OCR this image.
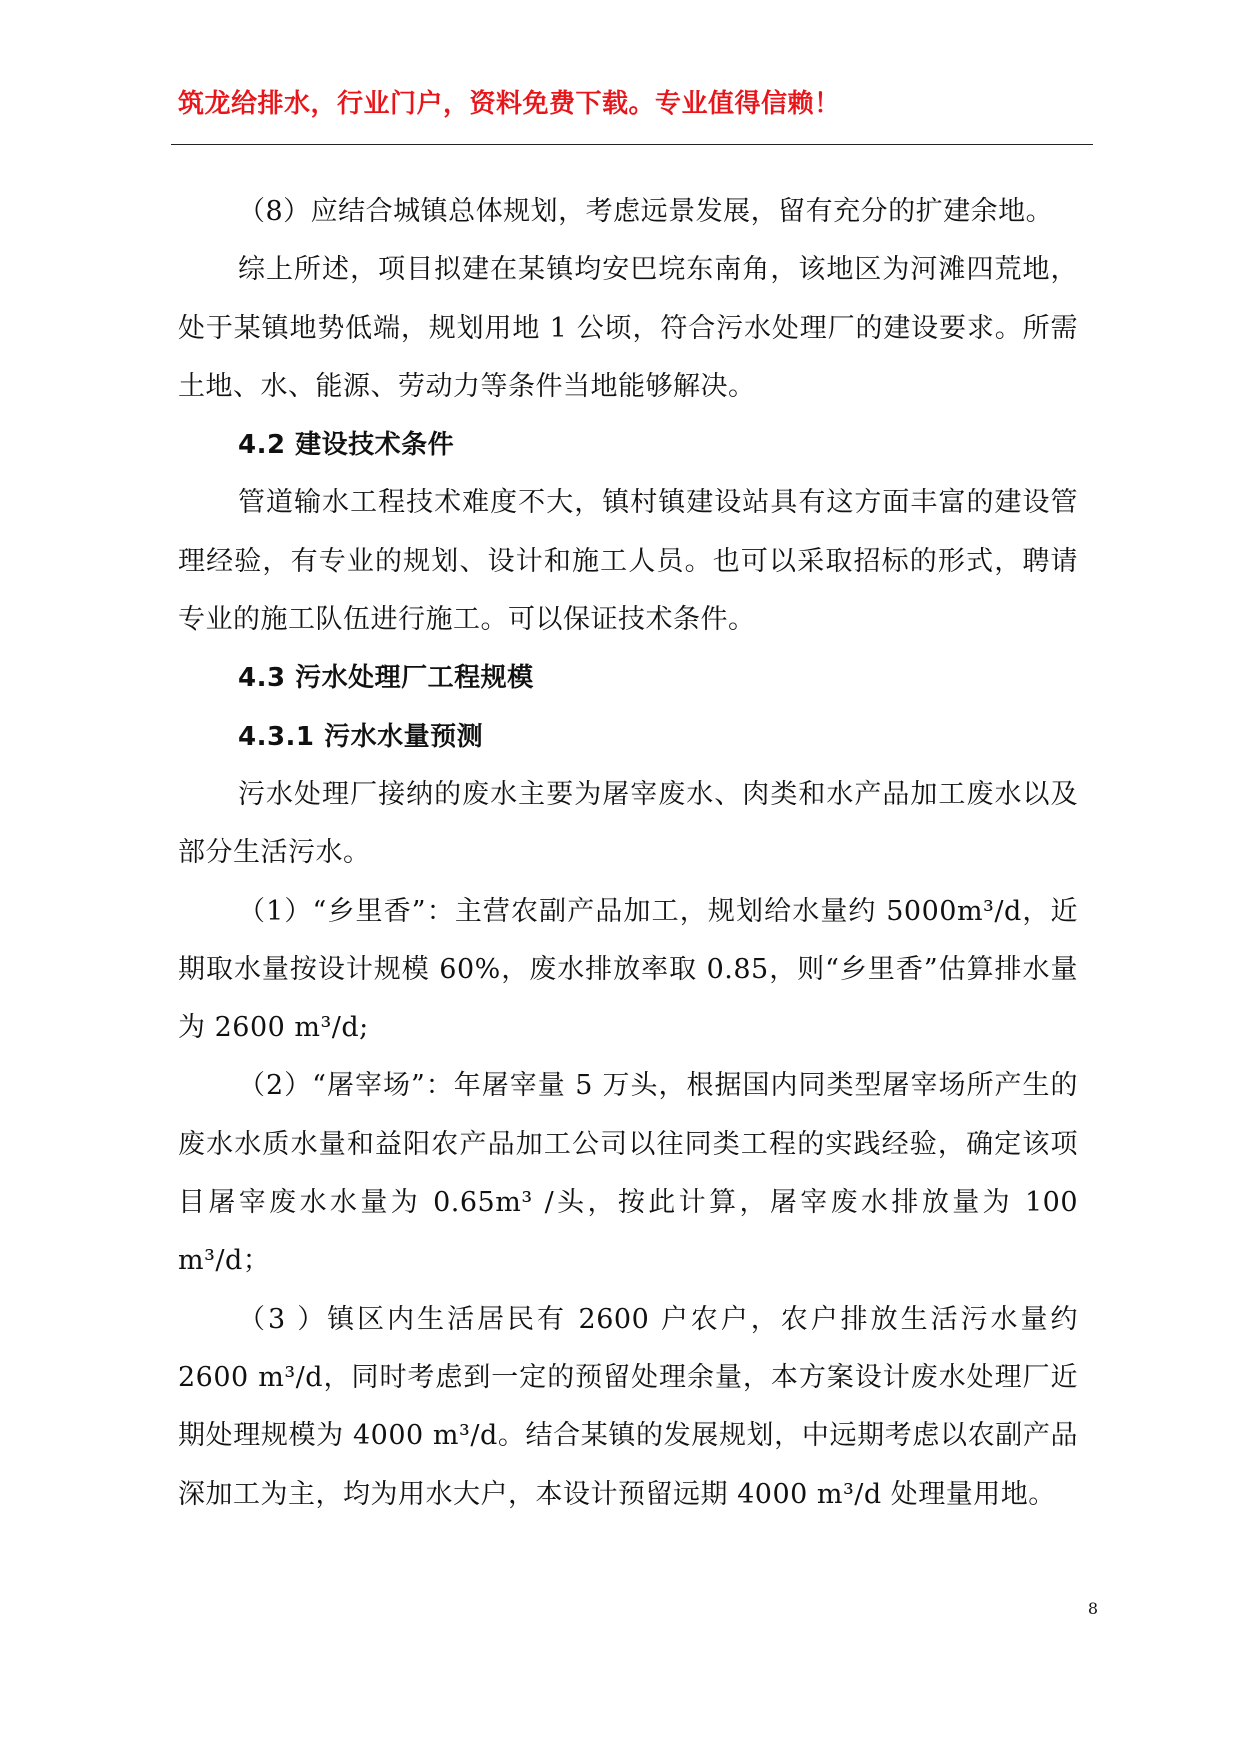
筑龙给排水，行业门户，资料免费下载。专业值得信赖！

（8）应结合城镇总体规划，考虑远景发展，留有充分的扩建余地。

综上所述，项目拟建在某镇均安巴垸东南角，该地区为河滩四荒地，处于某镇地势低端，规划用地 1 公顷，符合污水处理厂的建设要求。所需土地、水、能源、劳动力等条件当地能够解决。

4.2 建设技术条件

管道输水工程技术难度不大，镇村镇建设站具有这方面丰富的建设管理经验，有专业的规划、设计和施工人员。也可以采取招标的形式，聘请专业的施工队伍进行施工。可以保证技术条件。

4.3 污水处理厂工程规模

4.3.1 污水水量预测

污水处理厂接纳的废水主要为屠宰废水、肉类和水产品加工废水以及部分生活污水。

（1）“乡里香”：主营农副产品加工，规划给水量约 5000m³/d，近期取水量按设计规模 60%，废水排放率取 0.85，则“乡里香”估算排水量为 2600 m³/d;

（2）“屠宰场”：年屠宰量 5 万头，根据国内同类型屠宰场所产生的废水水质水量和益阳农产品加工公司以往同类工程的实践经验，确定该项目屠宰废水水量为 0.65m³ /头，按此计算，屠宰废水排放量为 100 m³/d；

（3 ）镇区内生活居民有 2600 户农户，农户排放生活污水量约 2600 m³/d，同时考虑到一定的预留处理余量，本方案设计废水处理厂近期处理规模为 4000 m³/d。结合某镇的发展规划，中远期考虑以农副产品深加工为主，均为用水大户，本设计预留远期 4000 m³/d 处理量用地。

8
